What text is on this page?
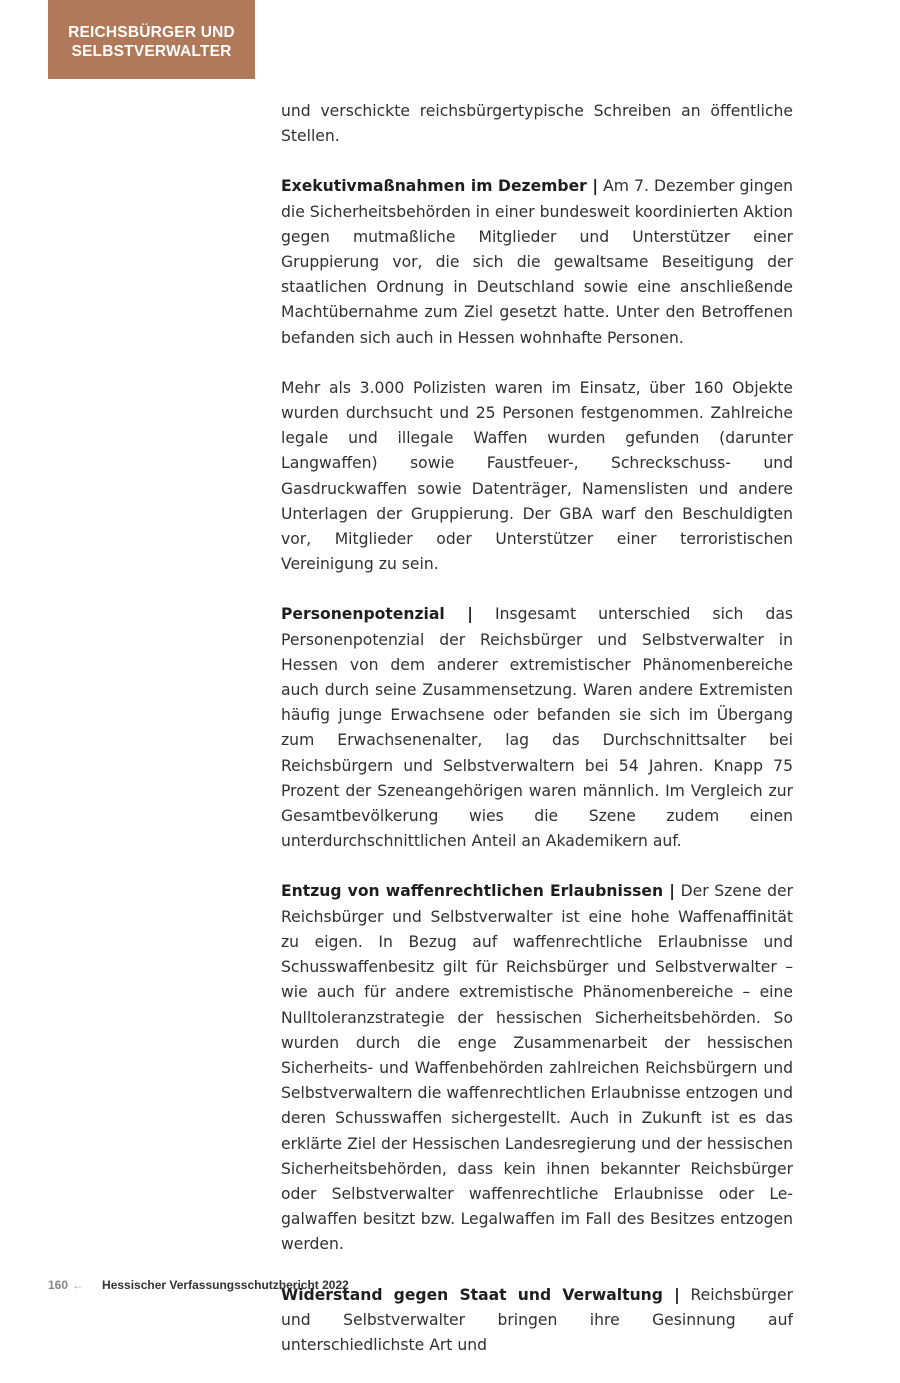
REICHSBÜRGER UND
SELBSTVERWALTER

und verschickte reichsbürgertypische Schreiben an öffentliche Stellen.

Exekutivmaßnahmen im Dezember | Am 7. Dezember gingen die Sicherheitsbehörden in einer bundesweit koordinierten Aktion gegen mutmaßliche Mitglieder und Unterstützer einer Gruppierung vor, die sich die gewaltsame Beseitigung der staatlichen Ordnung in Deutschland sowie eine anschließende Machtübernahme zum Ziel gesetzt hatte. Unter den Betroffenen befanden sich auch in Hessen wohnhafte Personen.

Mehr als 3.000 Polizisten waren im Einsatz, über 160 Objekte wurden durchsucht und 25 Personen festgenommen. Zahlreiche legale und illegale Waffen wurden gefunden (darunter Langwaffen) sowie Faustfeuer-, Schreckschuss- und Gasdruckwaffen sowie Datenträger, Namenslisten und andere Unterlagen der Gruppierung. Der GBA warf den Beschuldigten vor, Mitglieder oder Unterstützer einer terroristischen Vereinigung zu sein.

Personenpotenzial | Insgesamt unterschied sich das Personenpotenzial der Reichsbürger und Selbstverwalter in Hessen von dem anderer extremistischer Phänomenbereiche auch durch seine Zusammensetzung. Waren andere Extremisten häufig junge Erwachsene oder befanden sie sich im Übergang zum Erwachsenenalter, lag das Durchschnittsalter bei Reichsbürgern und Selbstverwaltern bei 54 Jahren. Knapp 75 Prozent der Szeneangehörigen waren männlich. Im Vergleich zur Gesamtbevölkerung wies die Szene zudem einen unterdurchschnittlichen Anteil an Akademikern auf.

Entzug von waffenrechtlichen Erlaubnissen | Der Szene der Reichsbürger und Selbstverwalter ist eine hohe Waffenaffinität zu eigen. In Bezug auf waffenrechtliche Erlaubnisse und Schusswaffenbesitz gilt für Reichsbürger und Selbstverwalter – wie auch für andere extremistische Phänomenbereiche – eine Nulltoleranzstrategie der hessischen Sicherheitsbehörden. So wurden durch die enge Zusammenarbeit der hessischen Sicherheits- und Waffenbehörden zahlreichen Reichsbürgern und Selbstverwaltern die waffenrechtlichen Erlaubnisse entzogen und deren Schusswaffen sichergestellt. Auch in Zukunft ist es das erklärte Ziel der Hessischen Landesregierung und der hessischen Sicherheitsbehörden, dass kein ihnen bekannter Reichsbürger oder Selbstverwalter waffenrechtliche Erlaubnisse oder Legalwaffen besitzt bzw. Legalwaffen im Fall des Besitzes entzogen werden.

Widerstand gegen Staat und Verwaltung | Reichsbürger und Selbstverwalter bringen ihre Gesinnung auf unterschiedlichste Art und

160 ← Hessischer Verfassungsschutzbericht 2022
